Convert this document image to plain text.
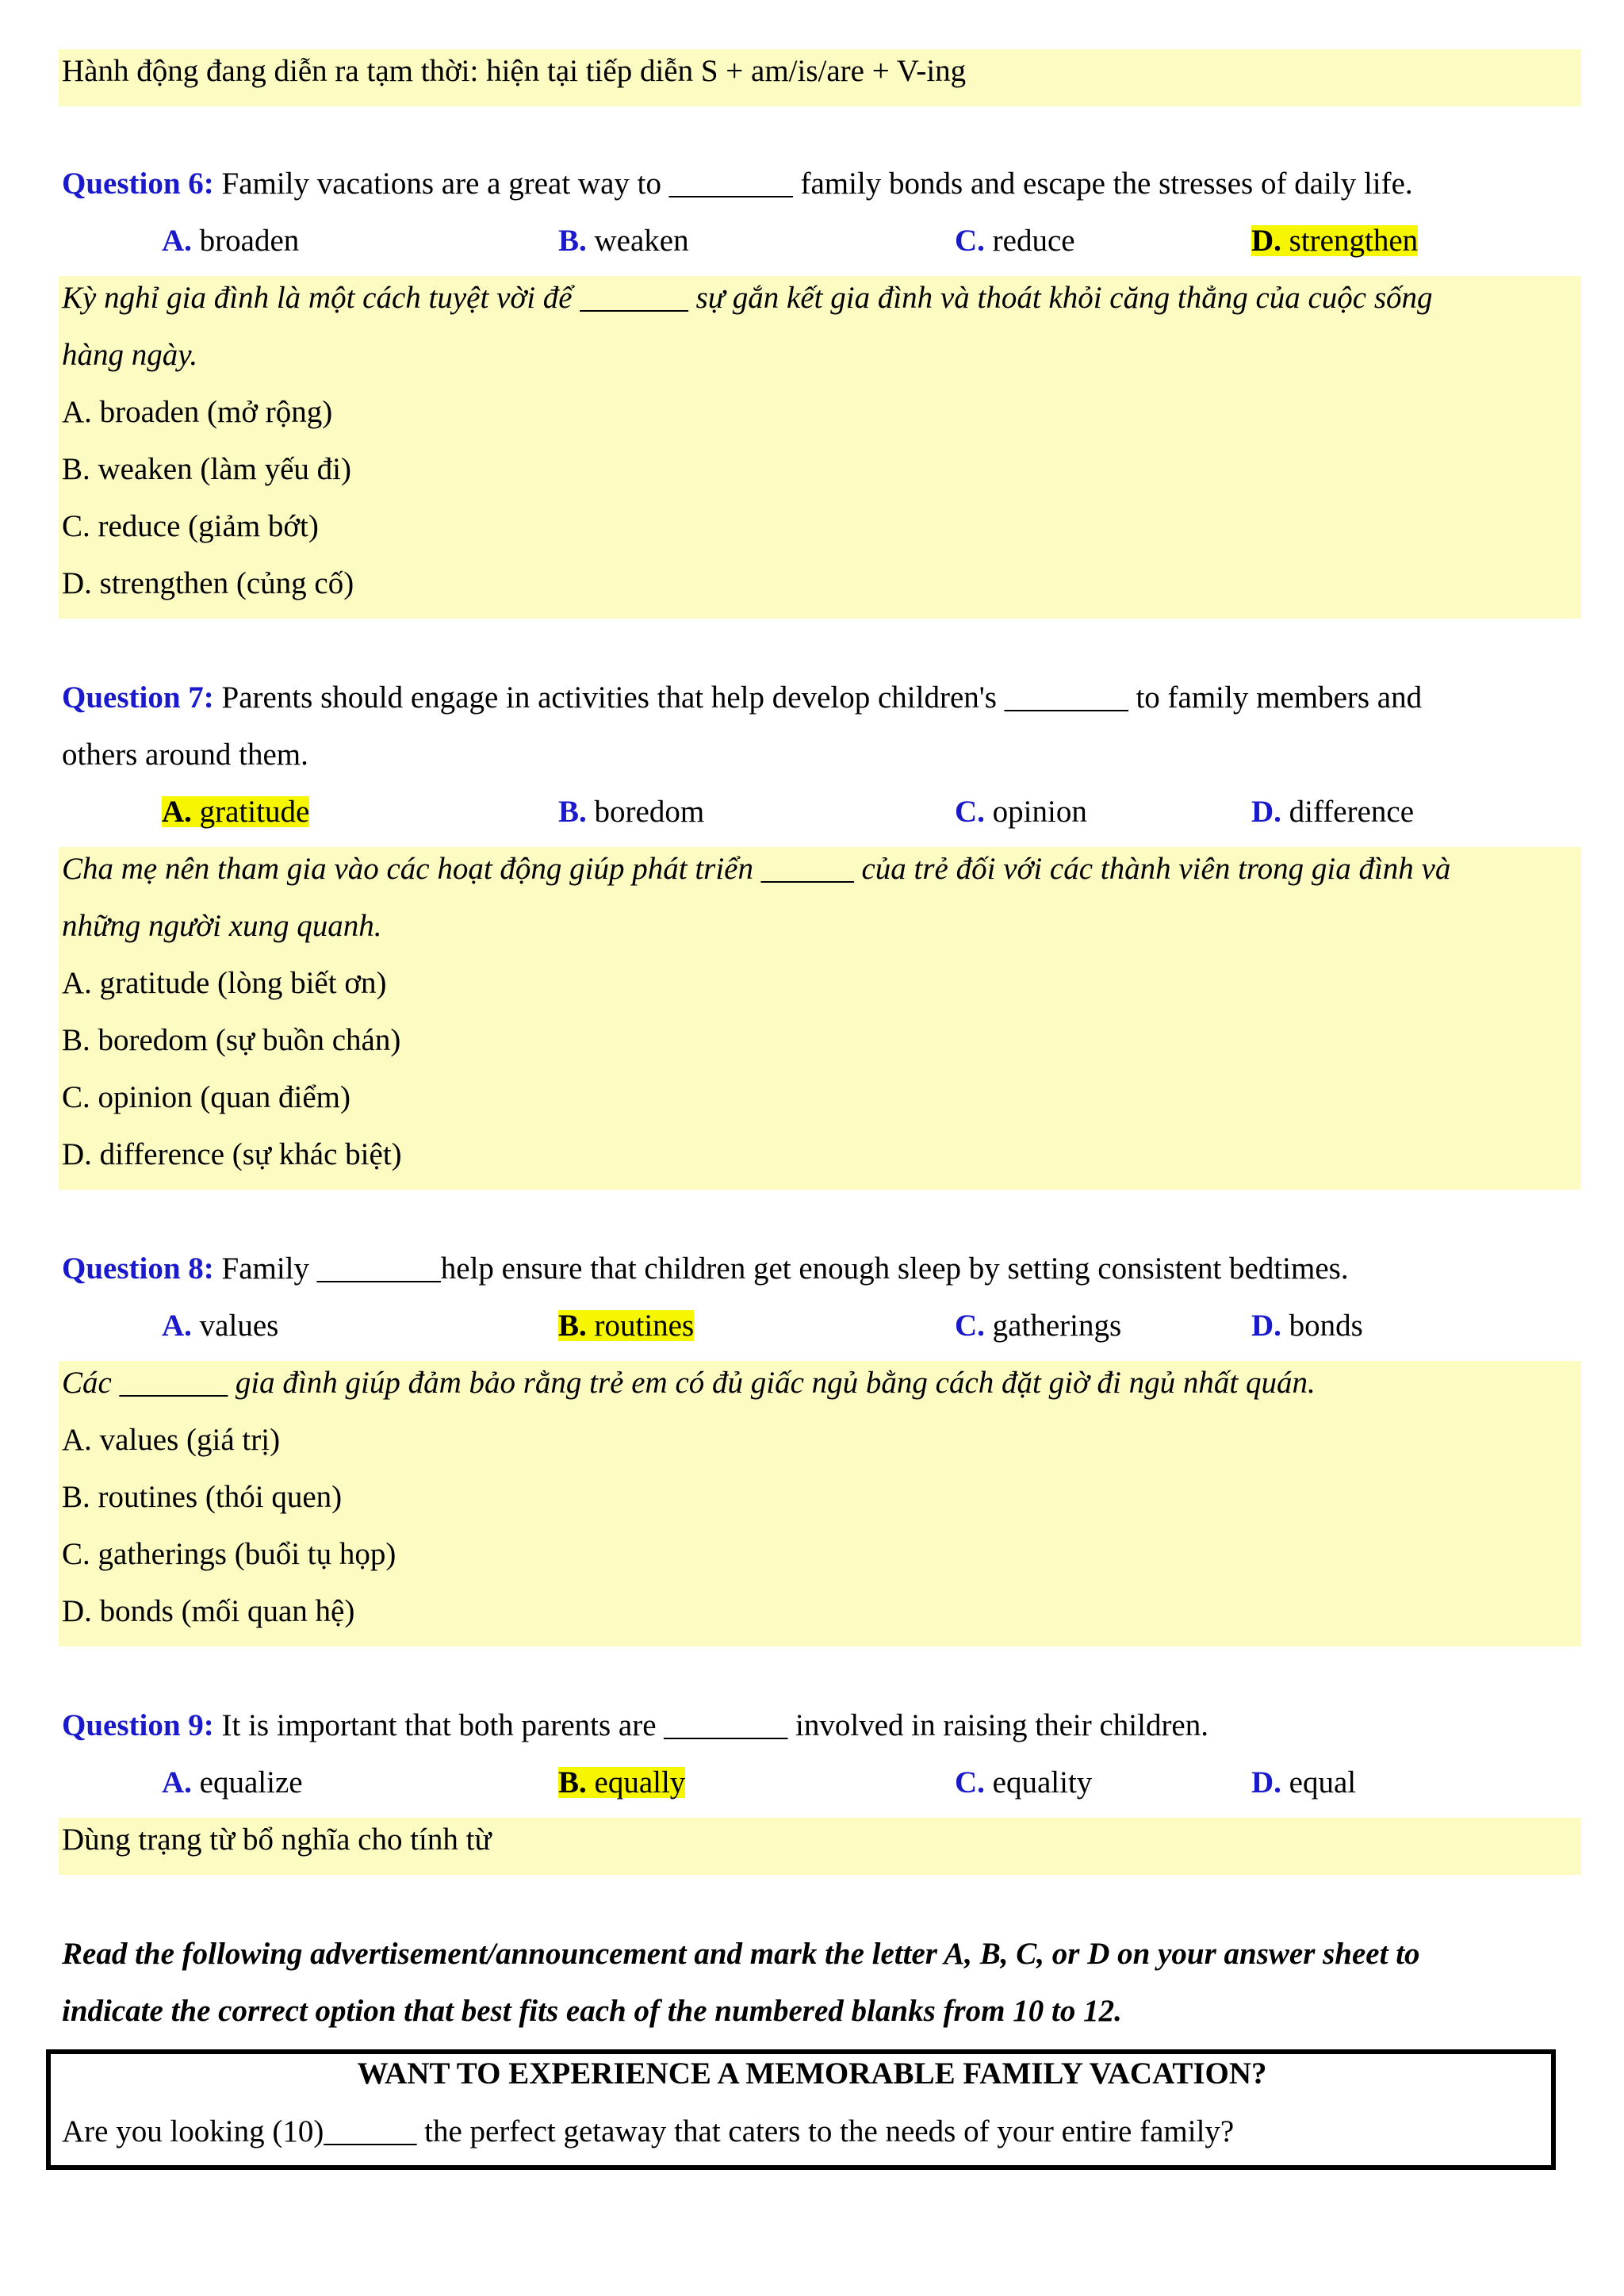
Hành động đang diễn ra tạm thời: hiện tại tiếp diễn S + am/is/are + V-ing
Question 6: Family vacations are a great way to ________ family bonds and escape the stresses of daily life.
A. broaden	B. weaken	C. reduce	D. strengthen
Kỳ nghỉ gia đình là một cách tuyệt vời để _______ sự gắn kết gia đình và thoát khỏi căng thẳng của cuộc sống
hàng ngày.
A. broaden (mở rộng)
B. weaken (làm yếu đi)
C. reduce (giảm bớt)
D. strengthen (củng cố)
Question 7: Parents should engage in activities that help develop children's ________ to family members and
others around them.
A. gratitude	B. boredom	C. opinion	D. difference
Cha mẹ nên tham gia vào các hoạt động giúp phát triển ______ của trẻ đối với các thành viên trong gia đình và
những người xung quanh.
A. gratitude (lòng biết ơn)
B. boredom (sự buồn chán)
C. opinion (quan điểm)
D. difference (sự khác biệt)
Question 8: Family ________help ensure that children get enough sleep by setting consistent bedtimes.
A. values	B. routines	C. gatherings	D. bonds
Các _______ gia đình giúp đảm bảo rằng trẻ em có đủ giấc ngủ bằng cách đặt giờ đi ngủ nhất quán.
A. values (giá trị)
B. routines (thói quen)
C. gatherings (buổi tụ họp)
D. bonds (mối quan hệ)
Question 9: It is important that both parents are ________ involved in raising their children.
A. equalize	B. equally	C. equality	D. equal
Dùng trạng từ bổ nghĩa cho tính từ
Read the following advertisement/announcement and mark the letter A, B, C, or D on your answer sheet to
indicate the correct option that best fits each of the numbered blanks from 10 to 12.
WANT TO EXPERIENCE A MEMORABLE FAMILY VACATION?
Are you looking (10)______ the perfect getaway that caters to the needs of your entire family?
